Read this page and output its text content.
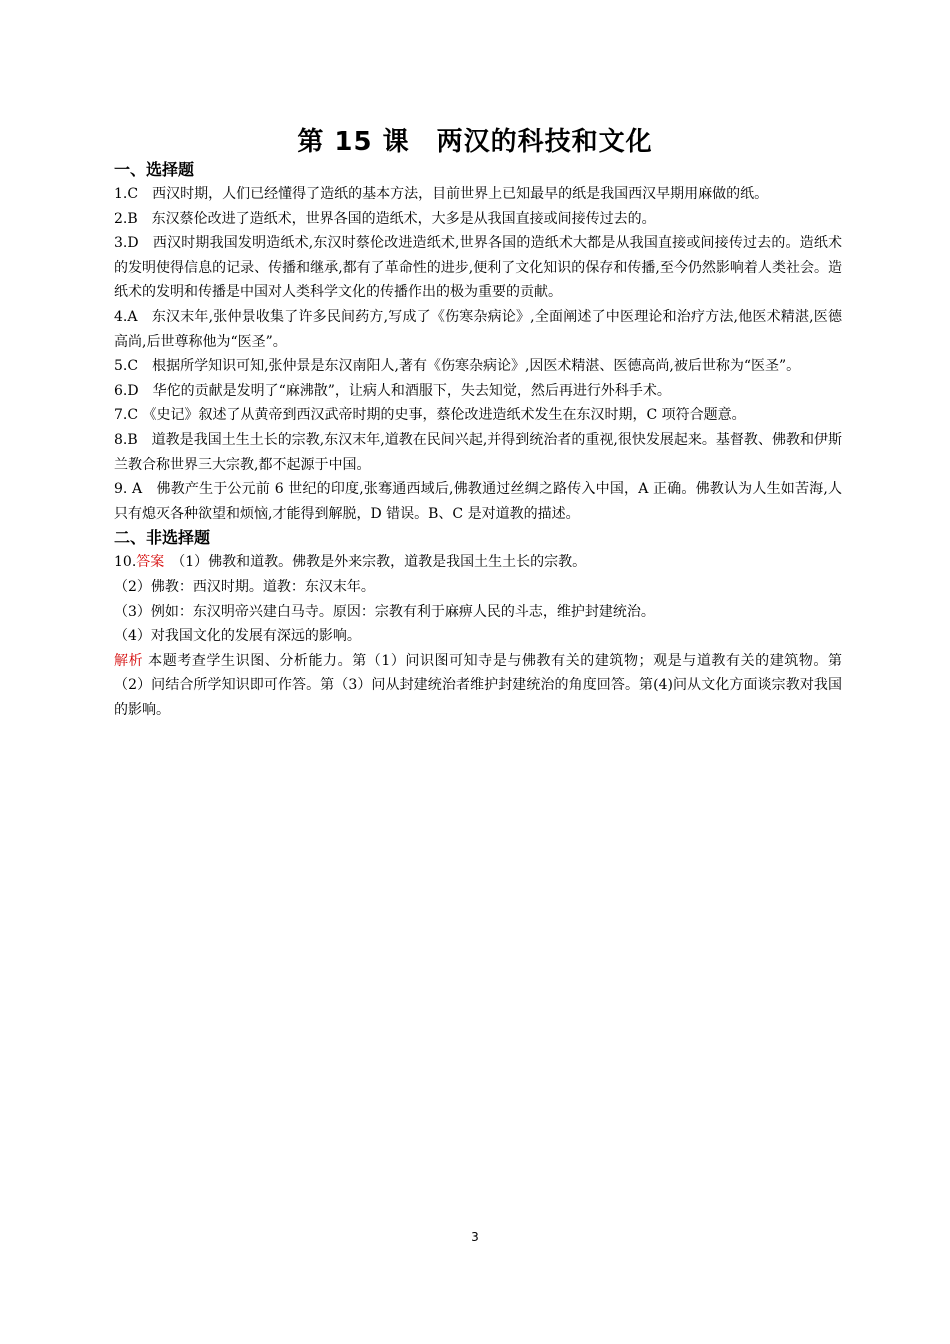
第 15 课　两汉的科技和文化
一、选择题

1.C　西汉时期，人们已经懂得了造纸的基本方法，目前世界上已知最早的纸是我国西汉早期用麻做的纸。

2.B　东汉蔡伦改进了造纸术，世界各国的造纸术，大多是从我国直接或间接传过去的。

3.D　西汉时期我国发明造纸术,东汉时蔡伦改进造纸术,世界各国的造纸术大都是从我国直接或间接传过去的。造纸术的发明使得信息的记录、传播和继承,都有了革命性的进步,便利了文化知识的保存和传播,至今仍然影响着人类社会。造纸术的发明和传播是中国对人类科学文化的传播作出的极为重要的贡献。

4.A　东汉末年,张仲景收集了许多民间药方,写成了《伤寒杂病论》,全面阐述了中医理论和治疗方法,他医术精湛,医德高尚,后世尊称他为“医圣”。

5.C　根据所学知识可知,张仲景是东汉南阳人,著有《伤寒杂病论》,因医术精湛、医德高尚,被后世称为“医圣”。

6.D　华佗的贡献是发明了“麻沸散”，让病人和酒服下，失去知觉，然后再进行外科手术。

7.C 《史记》叙述了从黄帝到西汉武帝时期的史事，蔡伦改进造纸术发生在东汉时期，C 项符合题意。

8.B　道教是我国土生土长的宗教,东汉末年,道教在民间兴起,并得到统治者的重视,很快发展起来。基督教、佛教和伊斯兰教合称世界三大宗教,都不起源于中国。

9. A　佛教产生于公元前 6 世纪的印度,张骞通西域后,佛教通过丝绸之路传入中国，A 正确。佛教认为人生如苦海,人只有熄灭各种欲望和烦恼,才能得到解脱，D 错误。B、C 是对道教的描述。

二、非选择题

10.答案　（1）佛教和道教。佛教是外来宗教，道教是我国土生土长的宗教。

（2）佛教：西汉时期。道教：东汉末年。

（3）例如：东汉明帝兴建白马寺。原因：宗教有利于麻痹人民的斗志，维护封建统治。

（4）对我国文化的发展有深远的影响。

解析 本题考查学生识图、分析能力。第（1）问识图可知寺是与佛教有关的建筑物；观是与道教有关的建筑物。第（2）问结合所学知识即可作答。第（3）问从封建统治者维护封建统治的角度回答。第(4)问从文化方面谈宗教对我国的影响。

3
